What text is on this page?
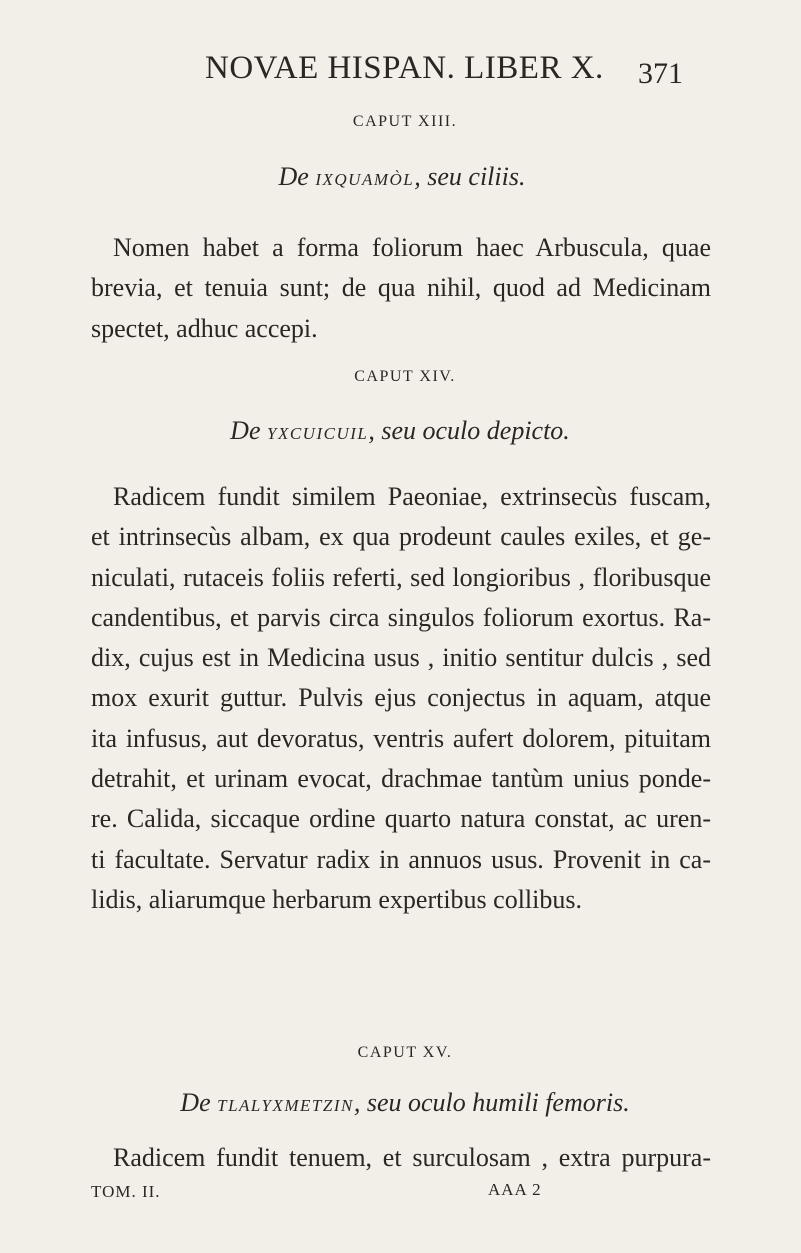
NOVAE HISPAN. LIBER X. 371
CAPUT XIII.
De IXQUAMÒL, seu ciliis.
Nomen habet a forma foliorum haec Arbuscula, quae
brevia, et tenuia sunt; de qua nihil, quod ad Medicinam
spectet, adhuc accepi.
CAPUT XIV.
De YXCUICUIL, seu oculo depicto.
Radicem fundit similem Paeoniae, extrinsecùs fuscam,
et intrinsecùs albam, ex qua prodeunt caules exiles, et ge-
niculati, rutaceis foliis referti, sed longioribus , floribusque
candentibus, et parvis circa singulos foliorum exortus. Ra-
dix, cujus est in Medicina usus , initio sentitur dulcis , sed
mox exurit guttur. Pulvis ejus conjectus in aquam, atque
ita infusus, aut devoratus, ventris aufert dolorem, pituitam
detrahit, et urinam evocat, drachmae tantùm unius ponde-
re. Calida, siccaque ordine quarto natura constat, ac uren-
ti facultate. Servatur radix in annuos usus. Provenit in ca-
lidis, aliarumque herbarum expertibus collibus.
CAPUT XV.
De TLALYXMETZIN, seu oculo humili femoris.
Radicem fundit tenuem, et surculosam , extra purpura-
TOM. II.	AAA 2
